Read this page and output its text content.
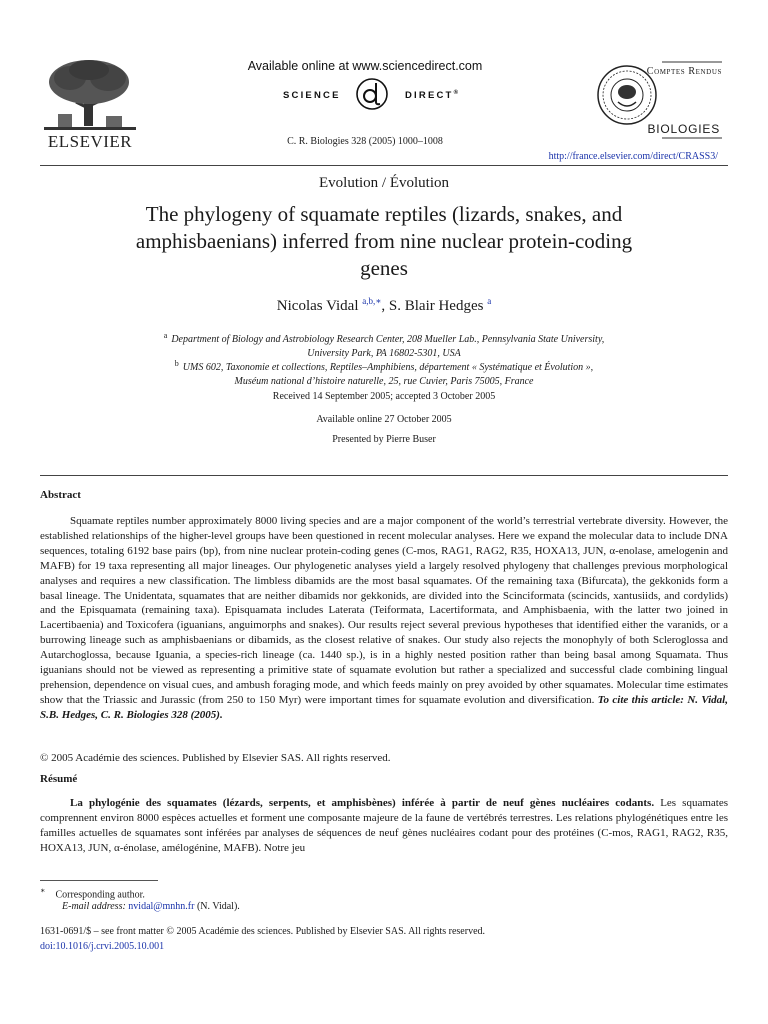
ELSEVIER
Available online at www.sciencedirect.com
SCIENCE	DIRECT®
C. R. Biologies 328 (2005) 1000–1008
Comptes Rendus
BIOLOGIES
http://france.elsevier.com/direct/CRASS3/
Evolution / Évolution
The phylogeny of squamate reptiles (lizards, snakes, and amphisbaenians) inferred from nine nuclear protein-coding genes
Nicolas Vidal $^{a,b,∗}$, S. Blair Hedges $^a$
$^a$ Department of Biology and Astrobiology Research Center, 208 Mueller Lab., Pennsylvania State University,
University Park, PA 16802-5301, USA
$^b$ UMS 602, Taxonomie et collections, Reptiles–Amphibiens, département « Systématique et Évolution »,
Muséum national d’histoire naturelle, 25, rue Cuvier, Paris 75005, France
Received 14 September 2005; accepted 3 October 2005
Available online 27 October 2005
Presented by Pierre Buser
Abstract

Squamate reptiles number approximately 8000 living species and are a major component of the world’s terrestrial vertebrate diversity. However, the established relationships of the higher-level groups have been questioned in recent molecular analyses. Here we expand the molecular data to include DNA sequences, totaling 6192 base pairs (bp), from nine nuclear protein-coding genes (C-mos, RAG1, RAG2, R35, HOXA13, JUN, α-enolase, amelogenin and MAFB) for 19 taxa representing all major lineages. Our phylogenetic analyses yield a largely resolved phylogeny that challenges previous morphological analyses and requires a new classification. The limbless dibamids are the most basal squamates. Of the remaining taxa (Bifurcata), the gekkonids form a basal lineage. The Unidentata, squamates that are neither dibamids nor gekkonids, are divided into the Scinciformata (scincids, xantusiids, and cordylids) and the Episquamata (remaining taxa). Episquamata includes Laterata (Teiformata, Lacertiformata, and Amphisbaenia, with the latter two joined in Lacertibaenia) and Toxicofera (iguanians, anguimorphs and snakes). Our results reject several previous hypotheses that identified either the varanids, or a burrowing lineage such as amphisbaenians or dibamids, as the closest relative of snakes. Our study also rejects the monophyly of both Scleroglossa and Autarchoglossa, because Iguania, a species-rich lineage (ca. 1440 sp.), is in a highly nested position rather than being basal among Squamata. Thus iguanians should not be viewed as representing a primitive state of squamate evolution but rather a specialized and successful clade combining lingual prehension, dependence on visual cues, and ambush foraging mode, and which feeds mainly on prey avoided by other squamates. Molecular time estimates show that the Triassic and Jurassic (from 250 to 150 Myr) were important times for squamate evolution and diversification. To cite this article: N. Vidal, S.B. Hedges, C. R. Biologies 328 (2005).

© 2005 Académie des sciences. Published by Elsevier SAS. All rights reserved.
Résumé

La phylogénie des squamates (lézards, serpents, et amphisbènes) inférée à partir de neuf gènes nucléaires codants. Les squamates comprennent environ 8000 espèces actuelles et forment une composante majeure de la faune de vertébrés terrestres. Les relations phylogénétiques entre les familles actuelles de squamates sont inférées par analyses de séquences de neuf gènes nucléaires codant pour des protéines (C-mos, RAG1, RAG2, R35, HOXA13, JUN, α-énolase, amélogénine, MAFB). Notre jeu

∗ Corresponding author.
E-mail address: nvidal@mnhn.fr (N. Vidal).
1631-0691/$ – see front matter © 2005 Académie des sciences. Published by Elsevier SAS. All rights reserved.
doi:10.1016/j.crvi.2005.10.001
